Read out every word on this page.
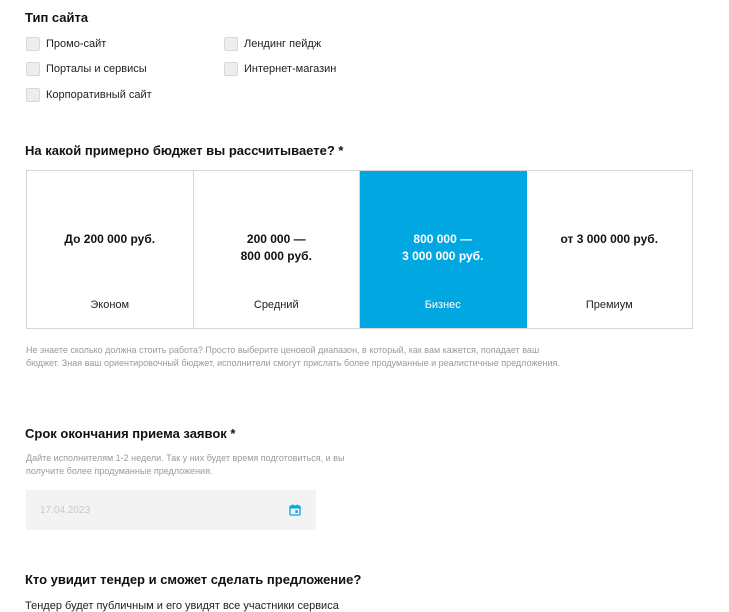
Тип сайта
Промо-сайт	Лендинг пейдж
Порталы и сервисы	Интернет-магазин
Корпоративный сайт
На какой примерно бюджет вы рассчитываете? *
До 200 000 руб.
Эконом
200 000 —
800 000 руб.
Средний
800 000 —
3 000 000 руб.
Бизнес
от 3 000 000 руб.
Премиум
Не знаете сколько должна стоить работа? Просто выберите ценовой диапазон, в который, как вам кажется, попадает ваш бюджет. Зная ваш ориентировочный бюджет, исполнители смогут прислать более продуманные и реалистичные предложения.
Срок окончания приема заявок *
Дайте исполнителям 1-2 недели. Так у них будет время подготовиться, и вы получите более продуманные предложения.
17.04.2023
Кто увидит тендер и сможет сделать предложение?
Тендер будет публичным и его увидят все участники сервиса
